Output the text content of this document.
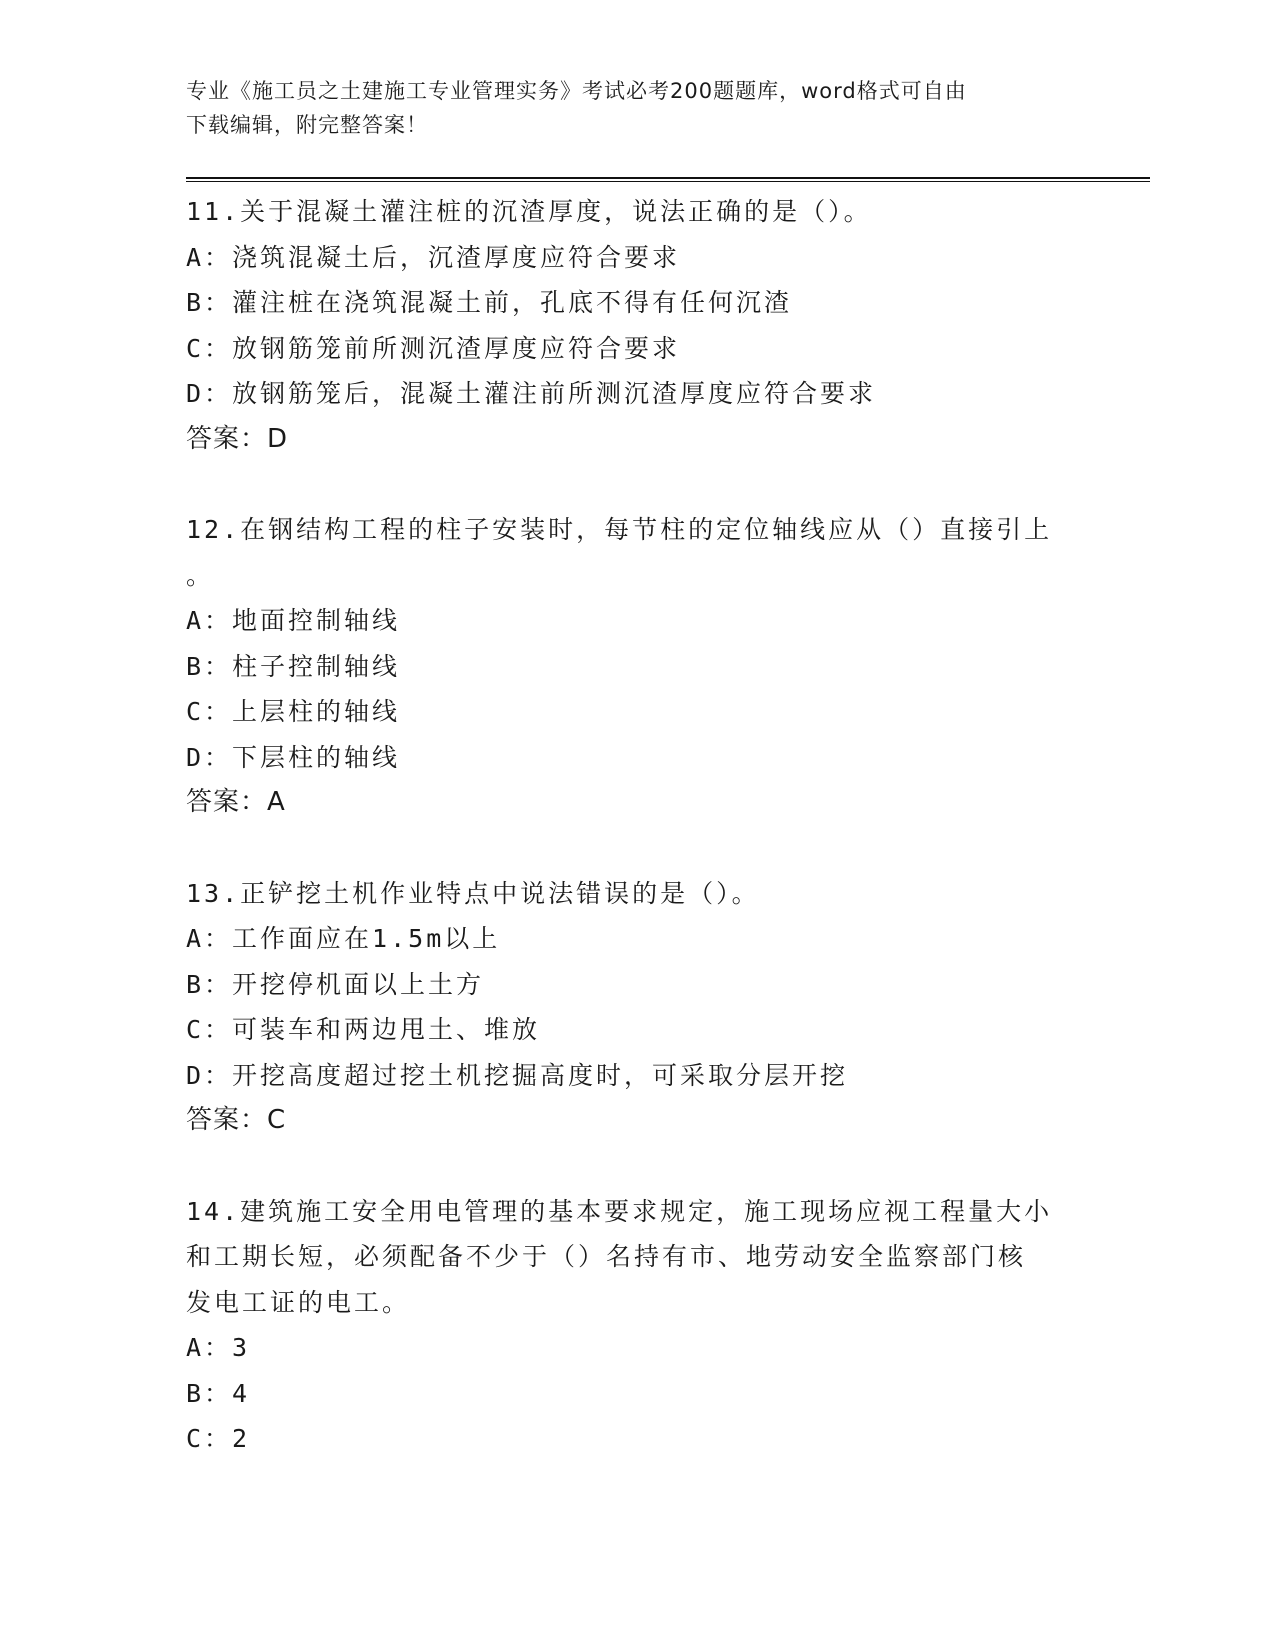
专业《施工员之土建施工专业管理实务》考试必考200题题库，word格式可自由
下载编辑，附完整答案！
11.关于混凝土灌注桩的沉渣厚度，说法正确的是（）。
A：浇筑混凝土后，沉渣厚度应符合要求
B：灌注桩在浇筑混凝土前，孔底不得有任何沉渣
C：放钢筋笼前所测沉渣厚度应符合要求
D：放钢筋笼后，混凝土灌注前所测沉渣厚度应符合要求
答案：D
12.在钢结构工程的柱子安装时，每节柱的定位轴线应从（）直接引上
。
A：地面控制轴线
B：柱子控制轴线
C：上层柱的轴线
D：下层柱的轴线
答案：A
13.正铲挖土机作业特点中说法错误的是（）。
A：工作面应在1.5m以上
B：开挖停机面以上土方
C：可装车和两边甩土、堆放
D：开挖高度超过挖土机挖掘高度时，可采取分层开挖
答案：C
14.建筑施工安全用电管理的基本要求规定，施工现场应视工程量大小
和工期长短，必须配备不少于（）名持有市、地劳动安全监察部门核
发电工证的电工。
A：3
B：4
C：2
